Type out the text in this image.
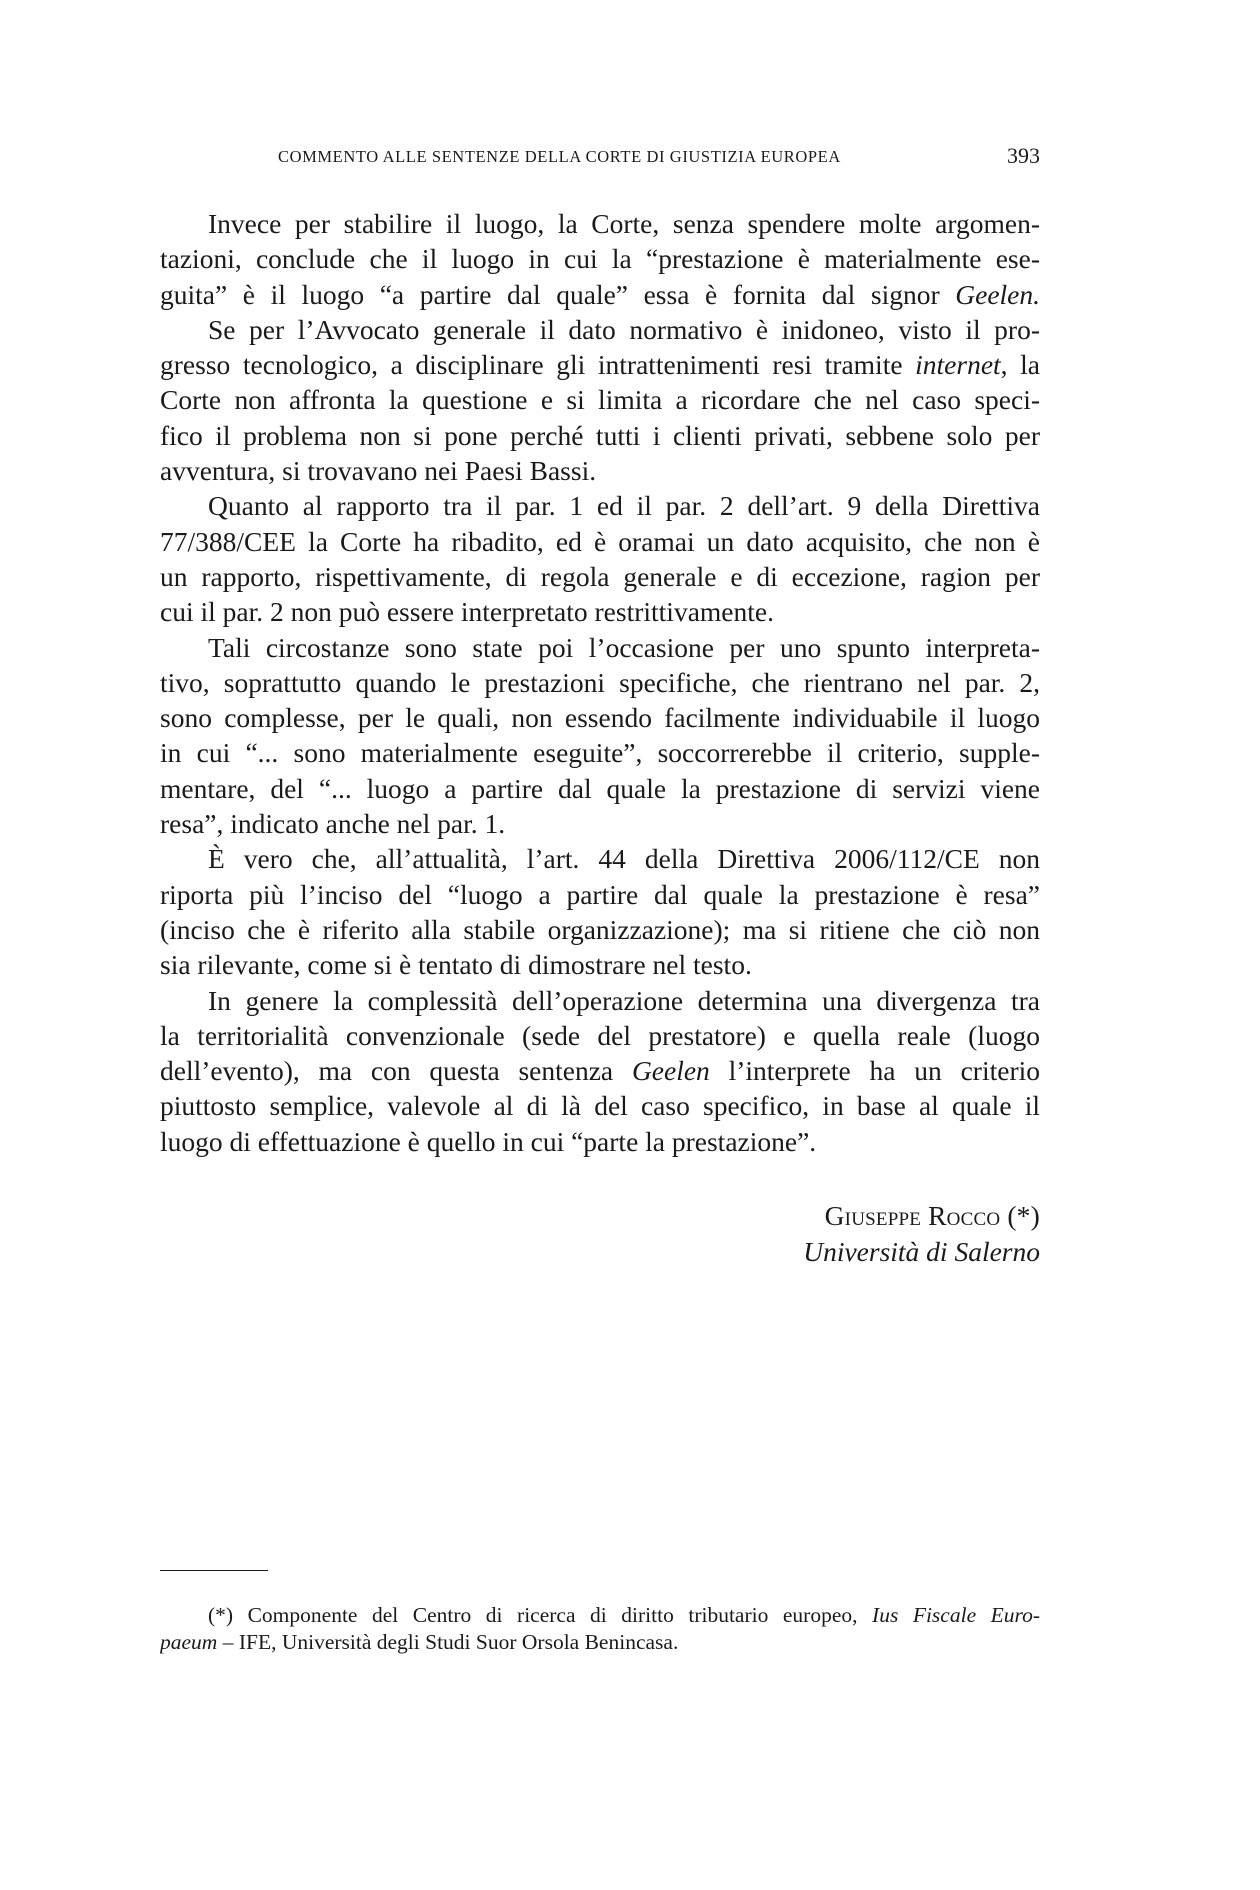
COMMENTO ALLE SENTENZE DELLA CORTE DI GIUSTIZIA EUROPEA	393
Invece per stabilire il luogo, la Corte, senza spendere molte argomen-
tazioni, conclude che il luogo in cui la “prestazione è materialmente ese-
guita” è il luogo “a partire dal quale” essa è fornita dal signor Geelen.
Se per l’Avvocato generale il dato normativo è inidoneo, visto il pro-
gresso tecnologico, a disciplinare gli intrattenimenti resi tramite internet, la
Corte non affronta la questione e si limita a ricordare che nel caso speci-
fico il problema non si pone perché tutti i clienti privati, sebbene solo per
avventura, si trovavano nei Paesi Bassi.
Quanto al rapporto tra il par. 1 ed il par. 2 dell’art. 9 della Direttiva
77/388/CEE la Corte ha ribadito, ed è oramai un dato acquisito, che non è
un rapporto, rispettivamente, di regola generale e di eccezione, ragion per
cui il par. 2 non può essere interpretato restrittivamente.
Tali circostanze sono state poi l’occasione per uno spunto interpreta-
tivo, soprattutto quando le prestazioni specifiche, che rientrano nel par. 2,
sono complesse, per le quali, non essendo facilmente individuabile il luogo
in cui “... sono materialmente eseguite”, soccorrerebbe il criterio, supple-
mentare, del “... luogo a partire dal quale la prestazione di servizi viene
resa”, indicato anche nel par. 1.
È vero che, all’attualità, l’art. 44 della Direttiva 2006/112/CE non
riporta più l’inciso del “luogo a partire dal quale la prestazione è resa”
(inciso che è riferito alla stabile organizzazione); ma si ritiene che ciò non
sia rilevante, come si è tentato di dimostrare nel testo.
In genere la complessità dell’operazione determina una divergenza tra
la territorialità convenzionale (sede del prestatore) e quella reale (luogo
dell’evento), ma con questa sentenza Geelen l’interprete ha un criterio
piuttosto semplice, valevole al di là del caso specifico, in base al quale il
luogo di effettuazione è quello in cui “parte la prestazione”.
Giuseppe Rocco (*)
Università di Salerno
(*) Componente del Centro di ricerca di diritto tributario europeo, Ius Fiscale Euro-
paeum – IFE, Università degli Studi Suor Orsola Benincasa.
